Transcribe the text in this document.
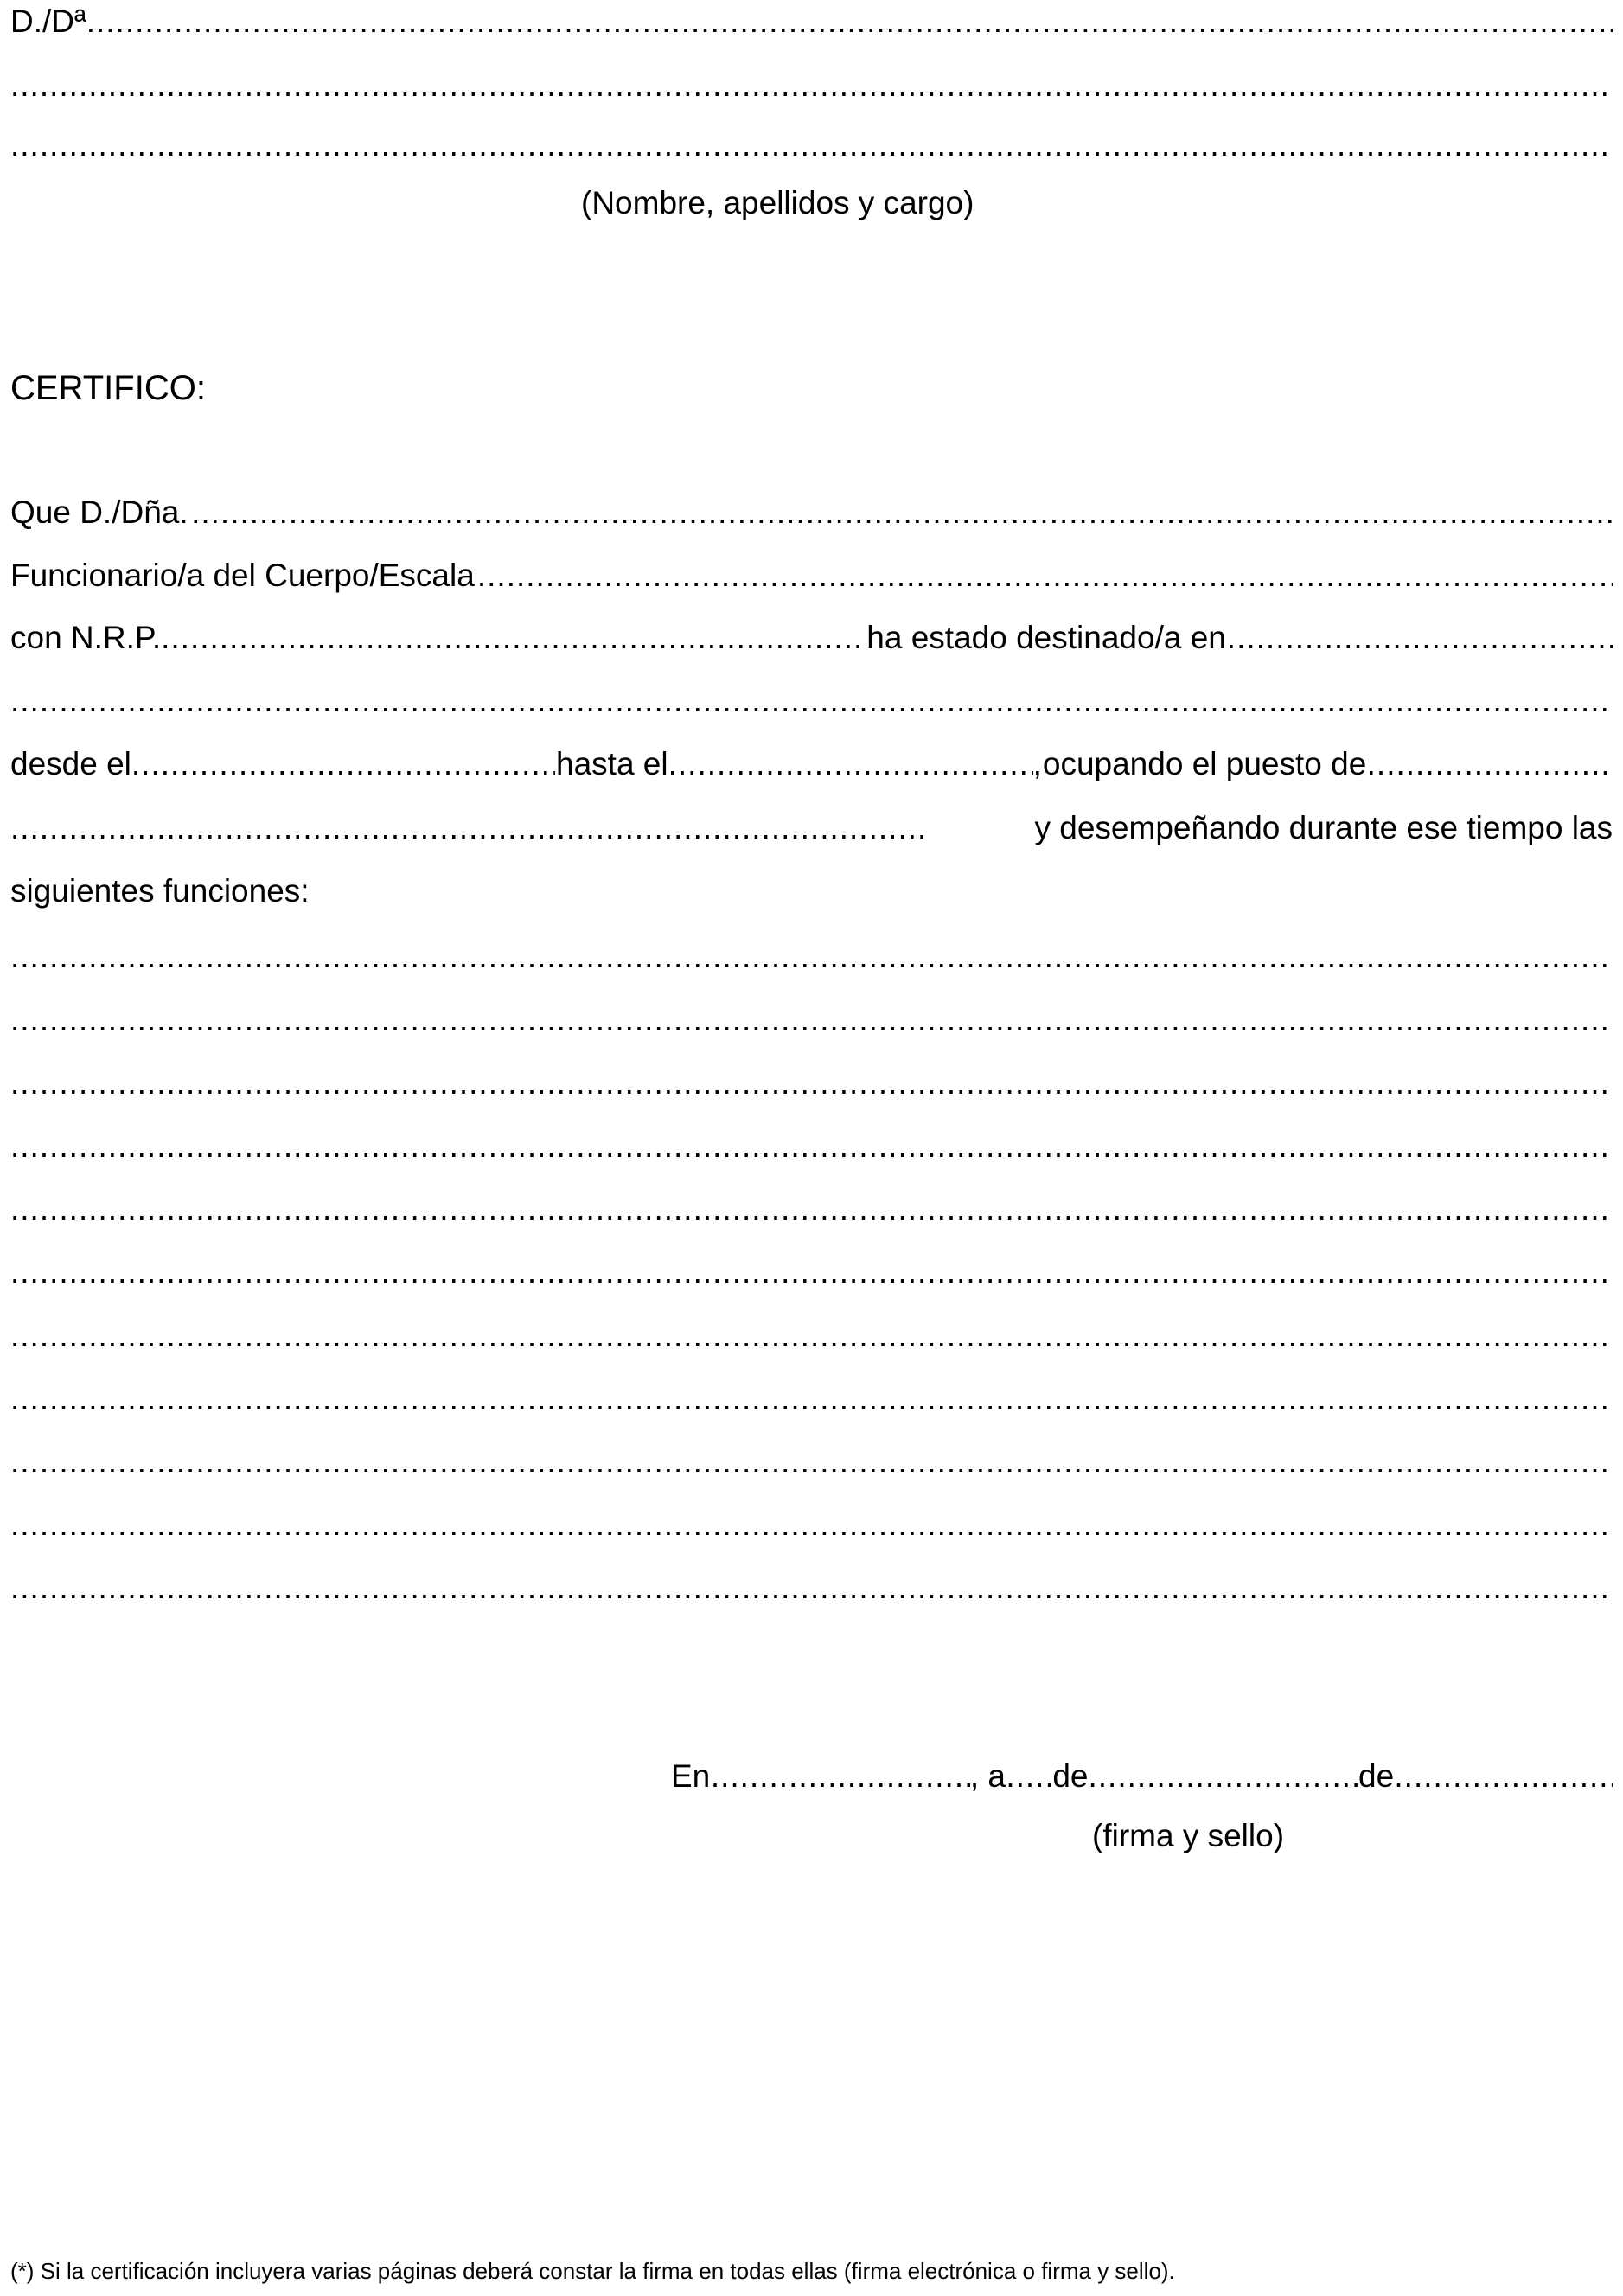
D./Dª
.....
.....
.....
(Nombre, apellidos y cargo)
CERTIFICO:
Que D./Dña.
.....
Funcionario/a del Cuerpo/Escala
.....
con N.R.P. .....	ha estado destinado/a en
.....
.....
desde el .....	hasta el .....	, ocupando el puesto de
.....
.....
y desempeñando durante ese tiempo las
siguientes funciones:
.....
.....
.....
.....
.....
.....
.....
.....
.....
.....
.....
En .....	, a ..... de .....	de
.....
(firma y sello)
(*) Si la certificación incluyera varias páginas deberá constar la firma en todas ellas (firma electrónica o firma y sello).
